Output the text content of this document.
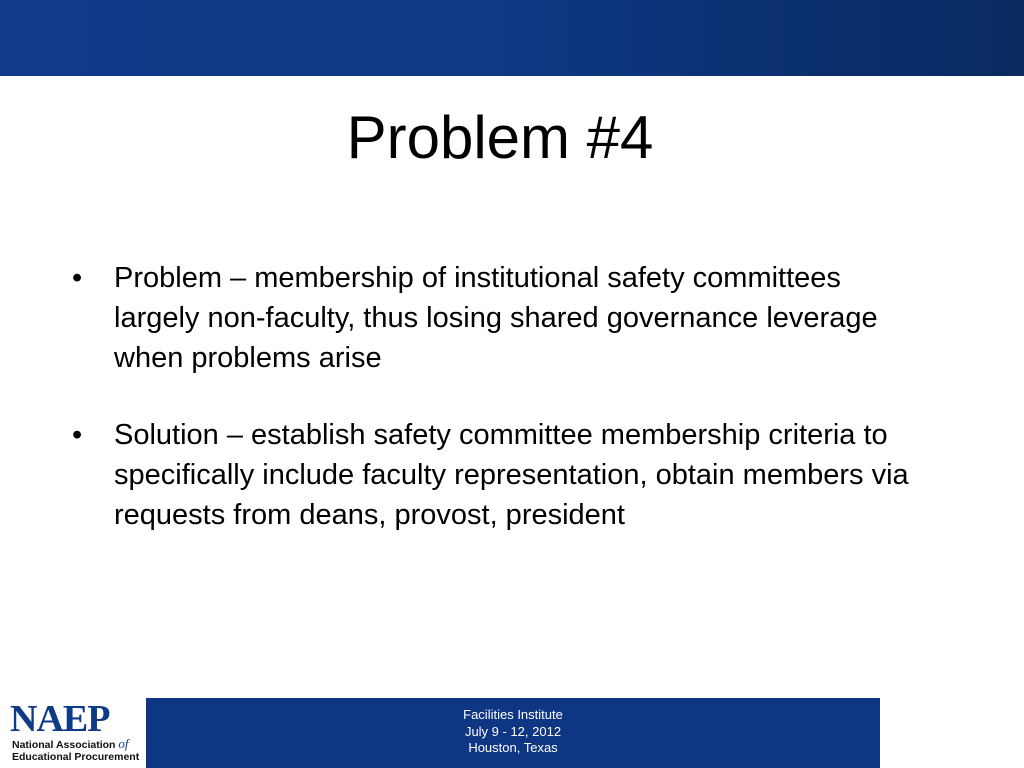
Problem #4
•	Problem – membership of institutional safety committees largely non-faculty, thus losing shared governance leverage when problems arise
•	Solution – establish safety committee membership criteria to specifically include faculty representation, obtain members via requests from deans, provost, president
NAEP
National Association of
Educational Procurement
Facilities Institute
July 9 - 12, 2012
Houston, Texas
